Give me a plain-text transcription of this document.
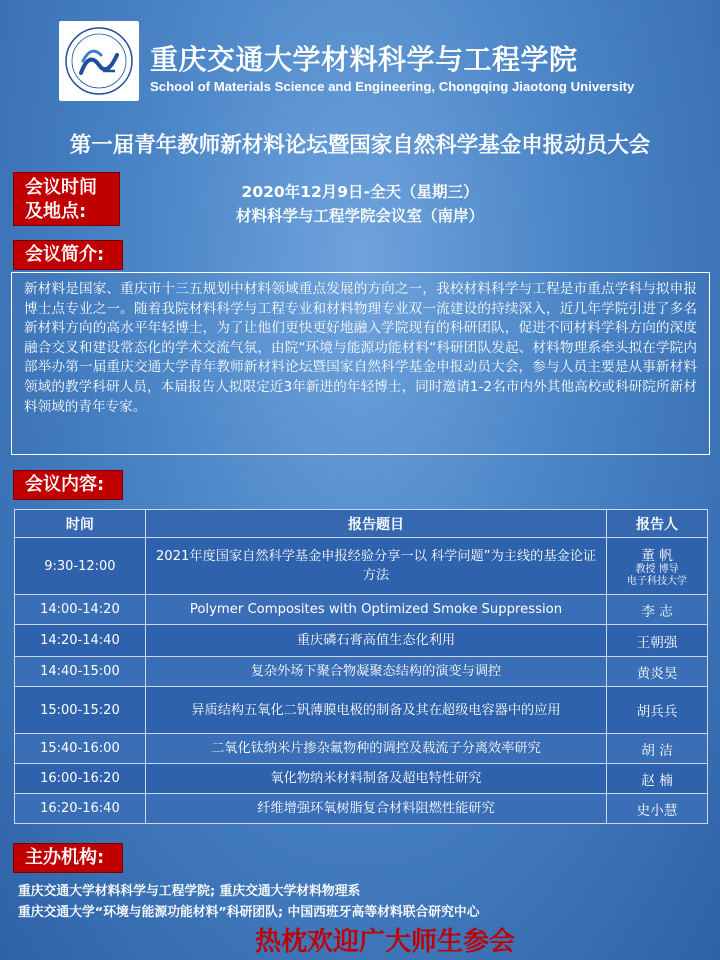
重庆交通大学材料科学与工程学院
School of Materials Science and Engineering, Chongqing Jiaotong University
第一届青年教师新材料论坛暨国家自然科学基金申报动员大会
会议时间
及地点:
2020年12月9日-全天（星期三）
材料科学与工程学院会议室（南岸）
会议简介:
新材料是国家、重庆市十三五规划中材料领域重点发展的方向之一，我校材料科学与工程是市重点学科与拟申报博士点专业之一。随着我院材料科学与工程专业和材料物理专业双一流建设的持续深入，近几年学院引进了多名新材料方向的高水平年轻博士，为了让他们更快更好地融入学院现有的科研团队，促进不同材料学科方向的深度融合交叉和建设常态化的学术交流气氛，由院“环境与能源功能材料“科研团队发起、材料物理系牵头拟在学院内部举办第一届重庆交通大学青年教师新材料论坛暨国家自然科学基金申报动员大会，参与人员主要是从事新材料领域的教学科研人员，本届报告人拟限定近3年新进的年轻博士，同时邀请1-2名市内外其他高校或科研院所新材料领域的青年专家。
会议内容:
时间	报告题目	报告人
9:30-12:00	2021年度国家自然科学基金申报经验分享一以 科学问题”为主线的基金论证方法	董 帆
教授 博导
电子科技大学

14:00-14:20	Polymer Composites with Optimized Smoke Suppression	李 志
14:20-14:40	重庆磷石膏高值生态化利用	王朝强
14:40-15:00	复杂外场下聚合物凝聚态结构的演变与调控	黄炎昊
15:00-15:20	异质结构五氧化二钒薄膜电极的制备及其在超级电容器中的应用	胡兵兵
15:40-16:00	二氧化钛纳米片掺杂氟物种的调控及载流子分离效率研究	胡 洁
16:00-16:20	氧化物纳米材料制备及超电特性研究	赵 楠
16:20-16:40	纤维增强环氧树脂复合材料阻燃性能研究	史小慧
主办机构:
重庆交通大学材料科学与工程学院; 重庆交通大学材料物理系
重庆交通大学“环境与能源功能材料”科研团队; 中国西班牙高等材料联合研究中心
热枕欢迎广大师生参会
